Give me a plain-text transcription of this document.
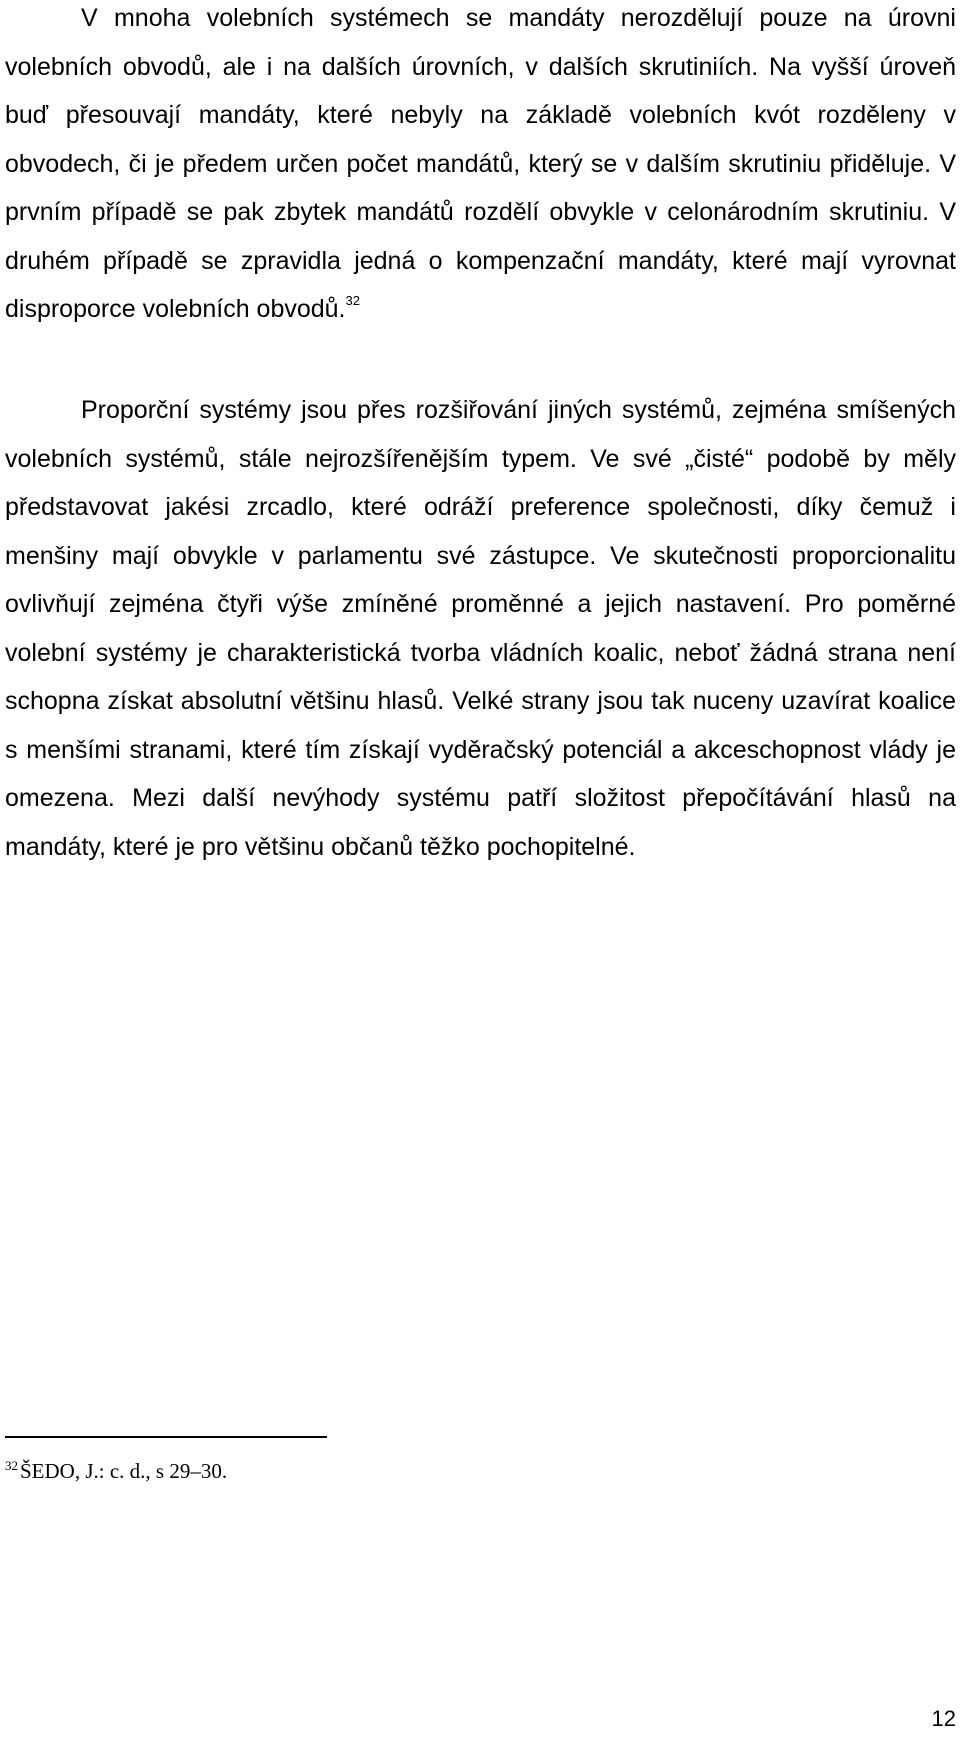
V mnoha volebních systémech se mandáty nerozdělují pouze na úrovni volebních obvodů, ale i na dalších úrovních, v dalších skrutiniích. Na vyšší úroveň buď přesouvají mandáty, které nebyly na základě volebních kvót rozděleny v obvodech, či je předem určen počet mandátů, který se v dalším skrutiniu přiděluje. V prvním případě se pak zbytek mandátů rozdělí obvykle v celonárodním skrutiniu. V druhém případě se zpravidla jedná o kompenzační mandáty, které mají vyrovnat disproporce volebních obvodů.$^{32}$

Proporční systémy jsou přes rozšiřování jiných systémů, zejména smíšených volebních systémů, stále nejrozšířenějším typem. Ve své „čisté“ podobě by měly představovat jakési zrcadlo, které odráží preference společnosti, díky čemuž i menšiny mají obvykle v parlamentu své zástupce. Ve skutečnosti proporcionalitu ovlivňují zejména čtyři výše zmíněné proměnné a jejich nastavení. Pro poměrné volební systémy je charakteristická tvorba vládních koalic, neboť žádná strana není schopna získat absolutní většinu hlasů. Velké strany jsou tak nuceny uzavírat koalice s menšími stranami, které tím získají vyděračský potenciál a akceschopnost vlády je omezena. Mezi další nevýhody systému patří složitost přepočítávání hlasů na mandáty, které je pro většinu občanů těžko pochopitelné.

$^{32}$ŠEDO, J.: c. d., s 29–30.
12
